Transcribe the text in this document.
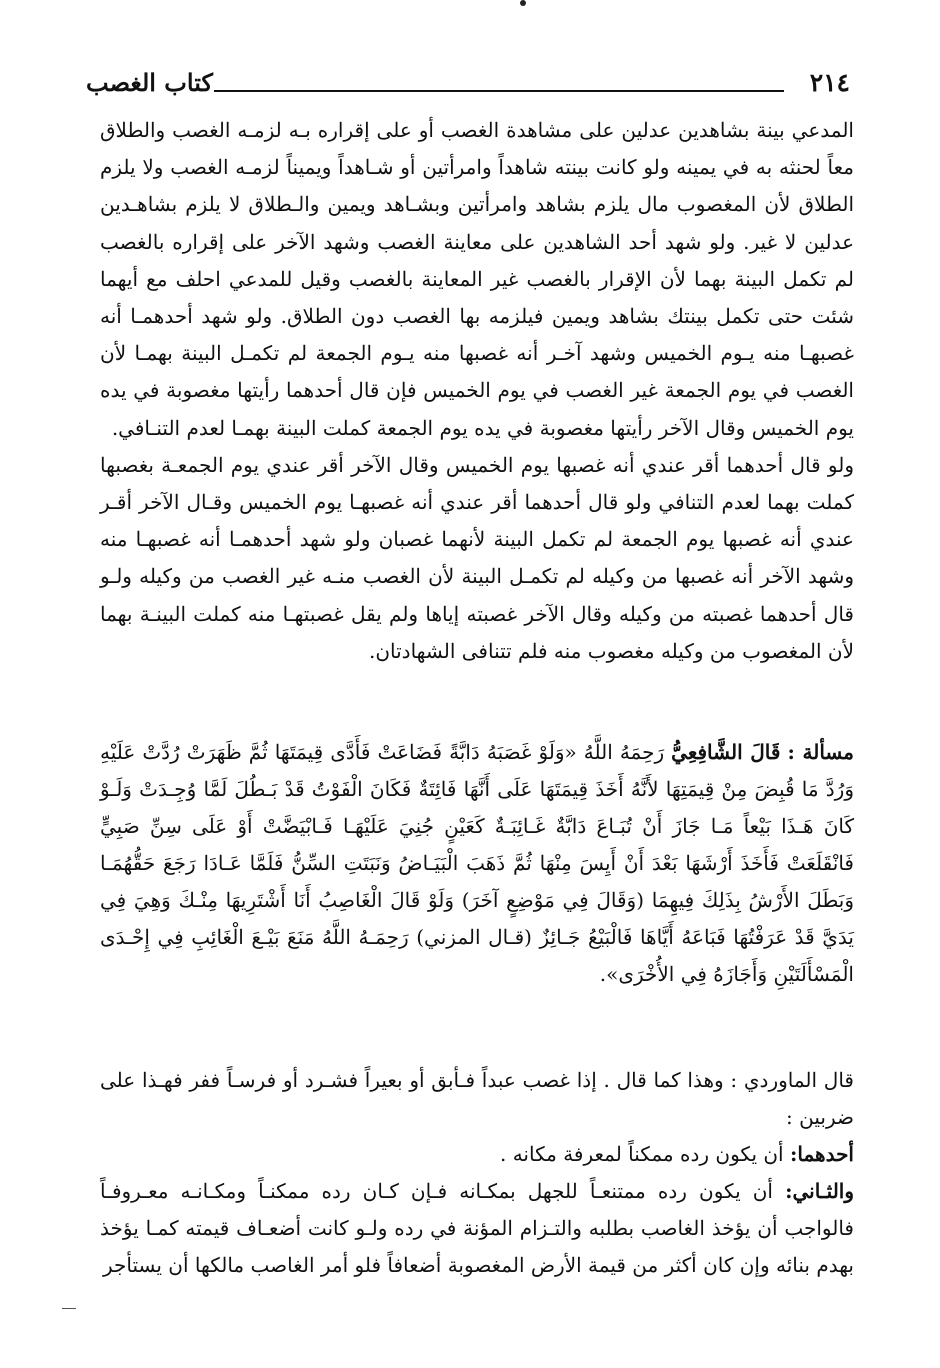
٢١٤
كتاب الغصب

المدعي بينة بشاهدين عدلين على مشاهدة الغصب أو على إقراره بـه لزمـه الغصب والطلاق معاً لحنثه به في يمينه ولو كانت بينته شاهداً وامرأتين أو شـاهداً ويميناً لزمـه الغصب ولا يلزم الطلاق لأن المغصوب مال يلزم بشاهد وامرأتين وبشـاهد ويمين والـطلاق لا يلزم بشاهـدين عدلين لا غير. ولو شهد أحد الشاهدين على معاينة الغصب وشهد الآخر على إقراره بالغصب لم تكمل البينة بهما لأن الإقرار بالغصب غير المعاينة بالغصب وقيل للمدعي احلف مع أيهما شئت حتى تكمل بينتك بشاهد ويمين فيلزمه بها الغصب دون الطلاق. ولو شهد أحدهمـا أنه غصبهـا منه يـوم الخميس وشهد آخـر أنه غصبها منه يـوم الجمعة لم تكمـل البينة بهمـا لأن الغصب في يوم الجمعة غير الغصب في يوم الخميس فإن قال أحدهما رأيتها مغصوبة في يده يوم الخميس وقال الآخر رأيتها مغصوبة في يده يوم الجمعة كملت البينة بهمـا لعدم التنـافي.

ولو قال أحدهما أقر عندي أنه غصبها يوم الخميس وقال الآخر أقر عندي يوم الجمعـة بغصبها كملت بهما لعدم التنافي ولو قال أحدهما أقر عندي أنه غصبهـا يوم الخميس وقـال الآخر أقـر عندي أنه غصبها يوم الجمعة لم تكمل البينة لأنهما غصبان ولو شهد أحدهمـا أنه غصبهـا منه وشهد الآخر أنه غصبها من وكيله لم تكمـل البينة لأن الغصب منـه غير الغصب من وكيله ولـو قال أحدهما غصبته من وكيله وقال الآخر غصبته إياها ولم يقل غصبتهـا منه كملت البينـة بهما لأن المغصوب من وكيله مغصوب منه فلم تتنافى الشهادتان.

مسألة : قَالَ الشَّافِعِيُّ رَحِمَهُ اللَّهُ «وَلَوْ غَصَبَهُ دَابَّةً فَضَاعَتْ فَأَدَّى قِيمَتَهَا ثُمَّ ظَهَرَتْ رُدَّتْ عَلَيْهِ وَرُدَّ مَا قُبِضَ مِنْ قِيمَتِهَا لأَنَّهُ أَخَذَ قِيمَتَهَا عَلَى أَنَّهَا فَائِتَةٌ فَكَانَ الْفَوْتُ قَدْ بَـطُلَ لَمَّا وُجِـدَتْ وَلَـوْ كَانَ هَـذَا بَيْعاً مَـا جَازَ أَنْ تُبَـاعَ دَابَّةٌ غَـائِبَـةٌ كَعَيْنٍ جُنِيَ عَلَيْهَـا فَـابْيَضَّتْ أَوْ عَلَى سِنِّ صَبِيٍّ فَانْقَلَعَتْ فَأَخَذَ أَرْشَهَا بَعْدَ أَنْ أَيِسَ مِنْهَا ثُمَّ ذَهَبَ الْبَيَـاضُ وَنَبَتَتِ السِّنُّ فَلَمَّا عَـادَا رَجَعَ حَقُّهُمَـا وَبَطَلَ الأَرْشُ بِذَلِكَ فِيهِمَا (وَقَالَ فِي مَوْضِعٍ آخَرَ) وَلَوْ قَالَ الْغَاصِبُ أَنَا أَشْتَرِيهَا مِنْـكَ وَهِيَ فِي يَدَيَّ قَدْ عَرَفْتُهَا فَبَاعَهُ أَيَّاهَا فَالْبَيْعُ جَـائِزٌ (قـال المزني) رَحِمَـهُ اللَّهُ مَنَعَ بَيْـعَ الْغَائِبِ فِي إِحْـدَى الْمَسْأَلَتَيْنِ وَأَجَازَهُ فِي الأُخْرَى».

قال الماوردي : وهذا كما قال . إذا غصب عبداً فـأبق أو بعيراً فشـرد أو فرسـاً ففر فهـذا على ضربين :

أحدهما: أن يكون رده ممكناً لمعرفة مكانه .

والثـاني: أن يكون رده ممتنعـاً للجهل بمكـانه فـإن كـان رده ممكنـاً ومكـانـه معـروفـاً فالواجب أن يؤخذ الغاصب بطلبه والتـزام المؤنة في رده ولـو كانت أضعـاف قيمته كمـا يؤخذ بهدم بنائه وإن كان أكثر من قيمة الأرض المغصوبة أضعافاً فلو أمر الغاصب مالكها أن يستأجر
